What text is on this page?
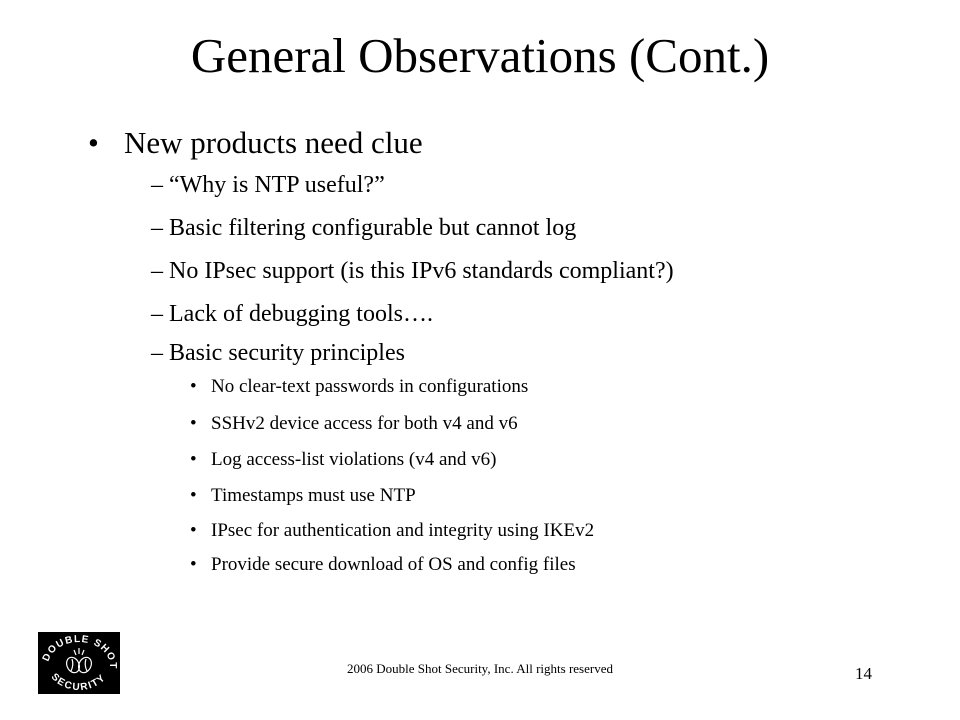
General Observations (Cont.)
• New products need clue
– “Why is NTP useful?”
– Basic filtering configurable but cannot log
– No IPsec support (is this IPv6 standards compliant?)
– Lack of debugging tools….
– Basic security principles
• No clear-text passwords in configurations
• SSHv2 device access for both v4 and v6
• Log access-list violations (v4 and v6)
• Timestamps must use NTP
• IPsec for authentication and integrity using IKEv2
• Provide secure download of OS and config files
DOUBLE SHOT
SECURITY
2006 Double Shot Security, Inc. All rights reserved	14
